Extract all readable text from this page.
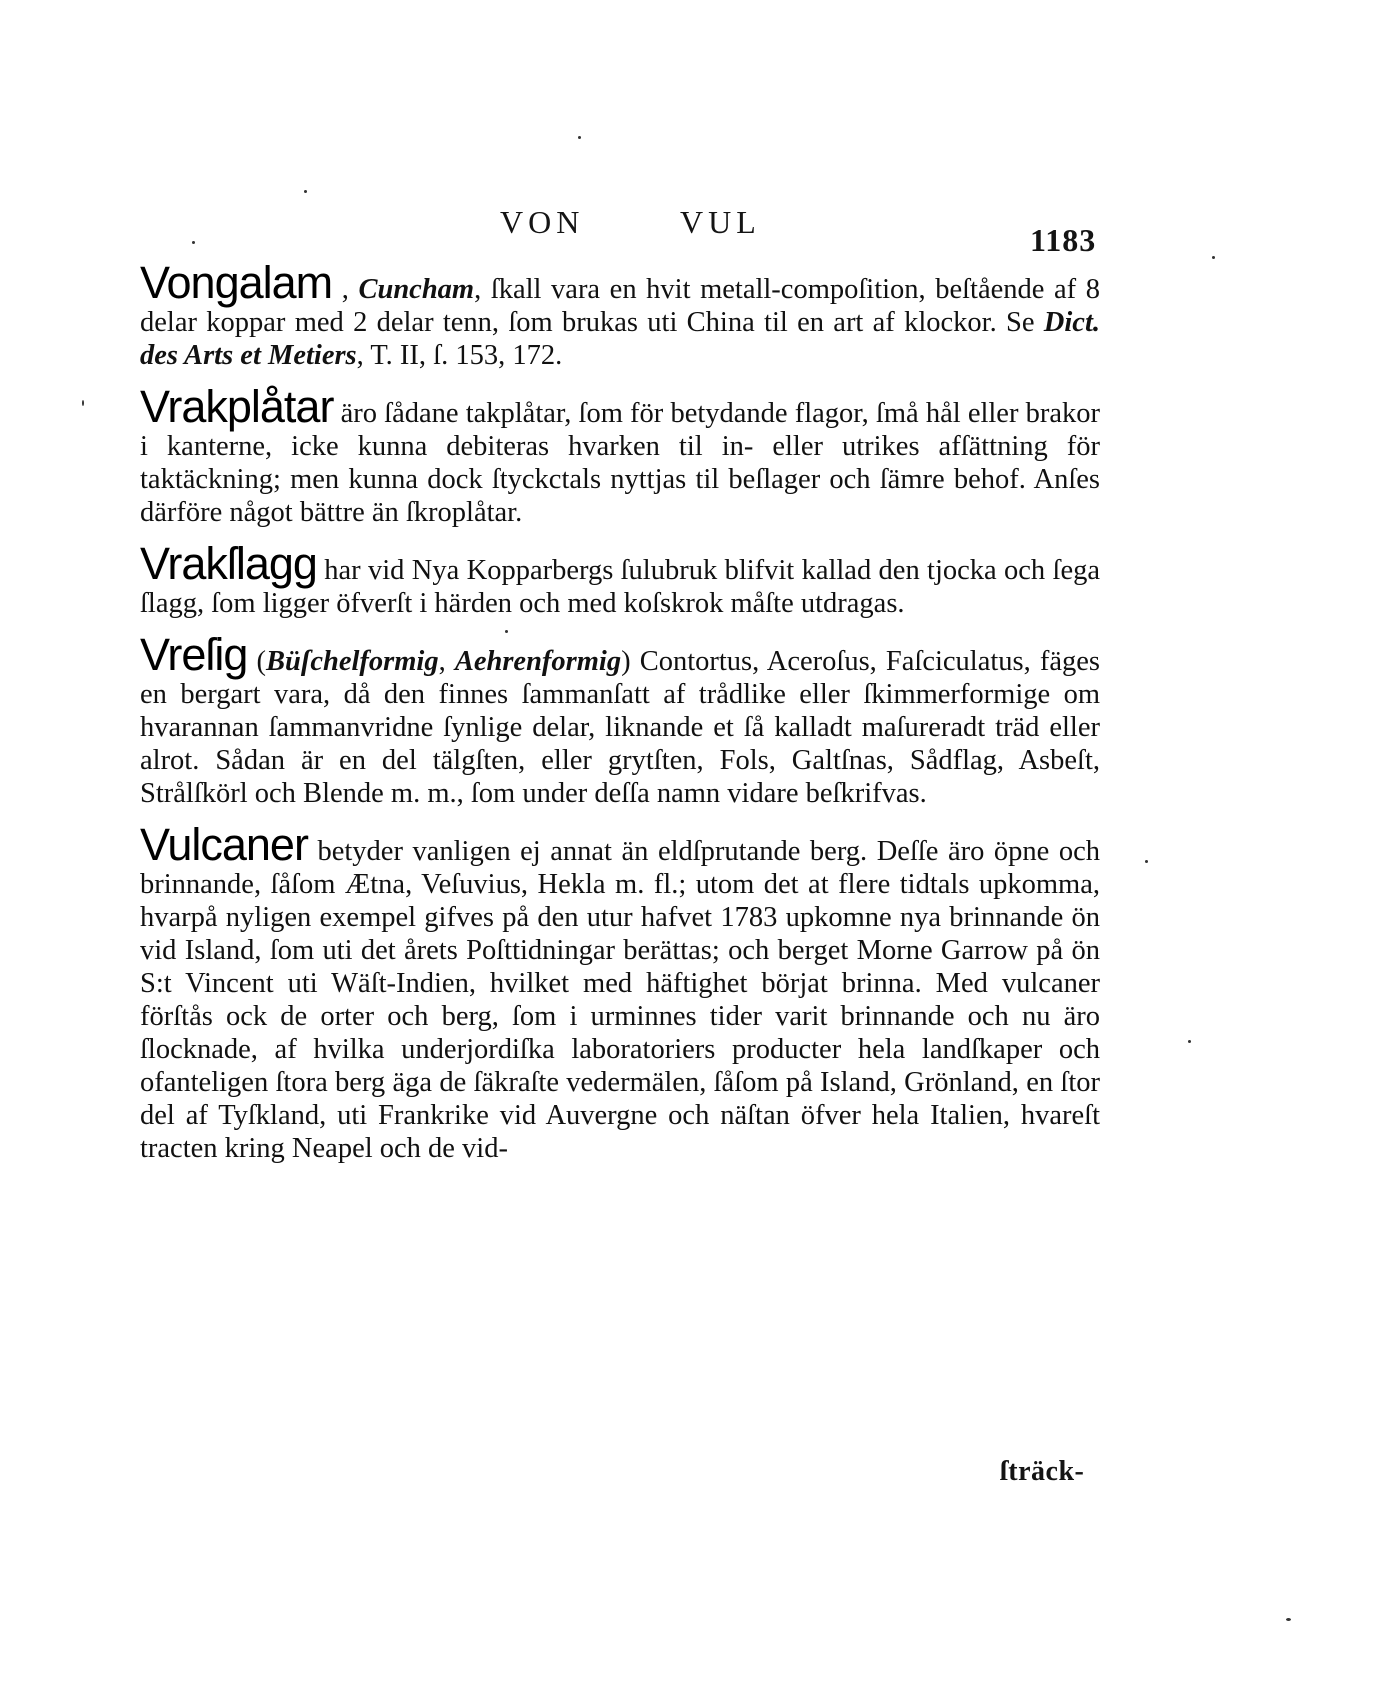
VON	VUL	1183

Vongalam , Cuncham, ſkall vara en hvit metall-compoſition, beſtående af 8 delar koppar med 2 delar tenn, ſom brukas uti China til en art af klockor. Se Dict. des Arts et Metiers, T. II, ſ. 153, 172.

Vrakplåtar äro ſådane takplåtar, ſom för betydande flagor, ſmå hål eller brakor i kanterne, icke kunna debiteras hvarken til in- eller utrikes afſättning för taktäckning; men kunna dock ſtyckctals nyttjas til beſlager och ſämre behof. Anſes därföre något bättre än ſkroplåtar.

Vrakſlagg har vid Nya Kopparbergs ſulubruk blifvit kallad den tjocka och ſega ſlagg, ſom ligger öfverſt i härden och med koſskrok måſte utdragas.

Vreſig (Büſchelformig, Aehrenformig) Contortus, Aceroſus, Faſciculatus, fäges en bergart vara, då den finnes ſammanſatt af trådlike eller ſkimmerformige om hvarannan ſammanvridne ſynlige delar, liknande et ſå kalladt maſureradt träd eller alrot. Sådan är en del tälgſten, eller grytſten, Fols, Galtſnas, Sådflag, Asbeſt, Strålſkörl och Blende m. m., ſom under deſſa namn vidare beſkrifvas.

Vulcaner betyder vanligen ej annat än eldſprutande berg. Deſſe äro öpne och brinnande, ſåſom Ætna, Veſuvius, Hekla m. fl.; utom det at flere tidtals upkomma, hvarpå nyligen exempel gifves på den utur hafvet 1783 upkomne nya brinnande ön vid Island, ſom uti det årets Poſttidningar berättas; och berget Morne Garrow på ön S:t Vincent uti Wäſt-Indien, hvilket med häftighet börjat brinna. Med vulcaner förſtås ock de orter och berg, ſom i urminnes tider varit brinnande och nu äro ſlocknade, af hvilka underjordiſka laboratoriers producter hela landſkaper och ofanteligen ſtora berg äga de ſäkraſte vedermälen, ſåſom på Island, Grönland, en ſtor del af Tyſkland, uti Frankrike vid Auvergne och näſtan öfver hela Italien, hvareſt tracten kring Neapel och de vid-

ſträck-
